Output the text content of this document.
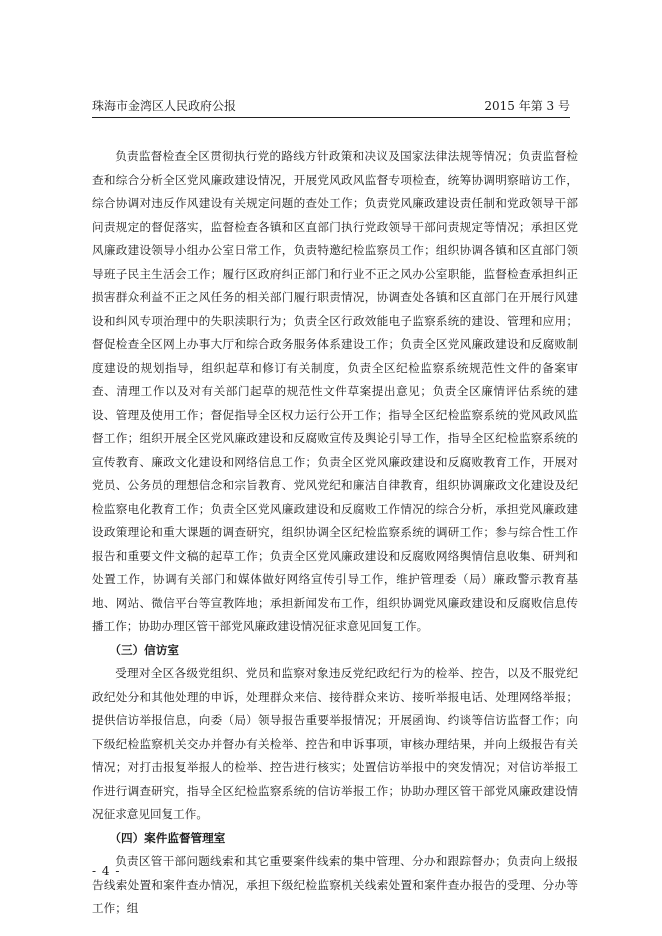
珠海市金湾区人民政府公报	2015 年第 3 号

负责监督检查全区贯彻执行党的路线方针政策和决议及国家法律法规等情况；负责监督检查和综合分析全区党风廉政建设情况，开展党风政风监督专项检查，统筹协调明察暗访工作，综合协调对违反作风建设有关规定问题的查处工作；负责党风廉政建设责任制和党政领导干部问责规定的督促落实，监督检查各镇和区直部门执行党政领导干部问责规定等情况；承担区党风廉政建设领导小组办公室日常工作，负责特邀纪检监察员工作；组织协调各镇和区直部门领导班子民主生活会工作；履行区政府纠正部门和行业不正之风办公室职能，监督检查承担纠正损害群众利益不正之风任务的相关部门履行职责情况，协调查处各镇和区直部门在开展行风建设和纠风专项治理中的失职渎职行为；负责全区行政效能电子监察系统的建设、管理和应用；督促检查全区网上办事大厅和综合政务服务体系建设工作；负责全区党风廉政建设和反腐败制度建设的规划指导，组织起草和修订有关制度，负责全区纪检监察系统规范性文件的备案审查、清理工作以及对有关部门起草的规范性文件草案提出意见；负责全区廉情评估系统的建设、管理及使用工作；督促指导全区权力运行公开工作；指导全区纪检监察系统的党风政风监督工作；组织开展全区党风廉政建设和反腐败宣传及舆论引导工作，指导全区纪检监察系统的宣传教育、廉政文化建设和网络信息工作；负责全区党风廉政建设和反腐败教育工作，开展对党员、公务员的理想信念和宗旨教育、党风党纪和廉洁自律教育，组织协调廉政文化建设及纪检监察电化教育工作；负责全区党风廉政建设和反腐败工作情况的综合分析，承担党风廉政建设政策理论和重大课题的调查研究，组织协调全区纪检监察系统的调研工作；参与综合性工作报告和重要文件文稿的起草工作；负责全区党风廉政建设和反腐败网络舆情信息收集、研判和处置工作，协调有关部门和媒体做好网络宣传引导工作，维护管理委（局）廉政警示教育基地、网站、微信平台等宣教阵地；承担新闻发布工作，组织协调党风廉政建设和反腐败信息传播工作；协助办理区管干部党风廉政建设情况征求意见回复工作。

（三）信访室

受理对全区各级党组织、党员和监察对象违反党纪政纪行为的检举、控告，以及不服党纪政纪处分和其他处理的申诉，处理群众来信、接待群众来访、接听举报电话、处理网络举报；提供信访举报信息，向委（局）领导报告重要举报情况；开展函询、约谈等信访监督工作；向下级纪检监察机关交办并督办有关检举、控告和申诉事项，审核办理结果，并向上级报告有关情况；对打击报复举报人的检举、控告进行核实；处置信访举报中的突发情况；对信访举报工作进行调查研究，指导全区纪检监察系统的信访举报工作；协助办理区管干部党风廉政建设情况征求意见回复工作。

（四）案件监督管理室

负责区管干部问题线索和其它重要案件线索的集中管理、分办和跟踪督办；负责向上级报告线索处置和案件查办情况，承担下级纪检监察机关线索处置和案件查办报告的受理、分办等工作；组

- 4 -
